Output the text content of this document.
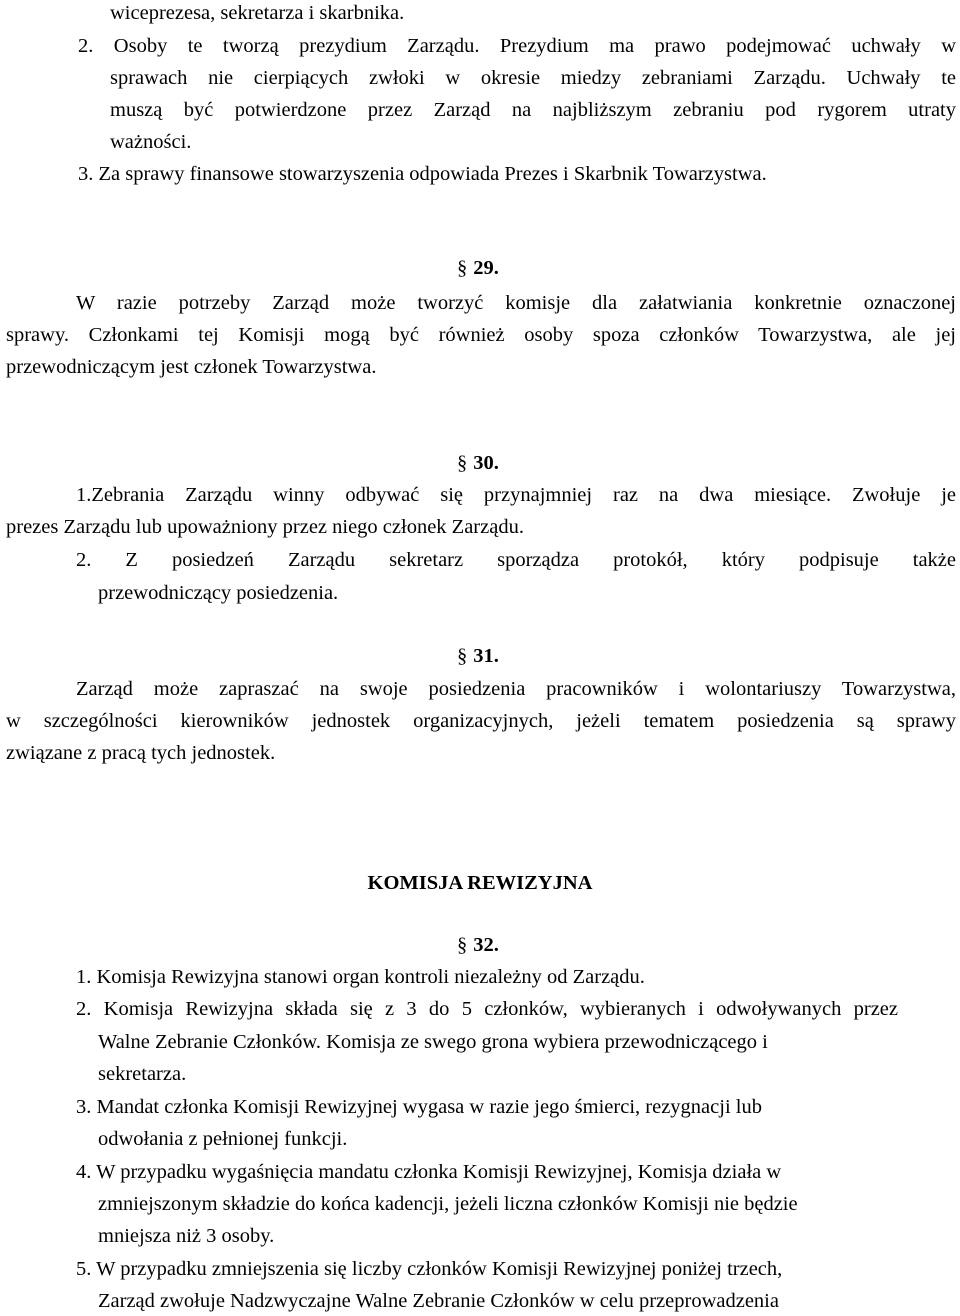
wiceprezesa, sekretarza i skarbnika.
2. Osoby te tworzą prezydium Zarządu. Prezydium ma prawo podejmować uchwały w
sprawach nie cierpiących zwłoki w okresie miedzy zebraniami Zarządu. Uchwały te
muszą być potwierdzone przez Zarząd na najbliższym zebraniu pod rygorem utraty
ważności.
3. Za sprawy finansowe stowarzyszenia odpowiada Prezes i Skarbnik Towarzystwa.
§ 29.
W razie potrzeby Zarząd może tworzyć komisje dla załatwiania konkretnie oznaczonej
sprawy. Członkami tej Komisji mogą być również osoby spoza członków Towarzystwa, ale jej
przewodniczącym jest członek Towarzystwa.
§ 30.
1.Zebrania Zarządu winny odbywać się przynajmniej raz na dwa miesiące. Zwołuje je
prezes Zarządu lub upoważniony przez niego członek Zarządu.
2. Z posiedzeń Zarządu sekretarz sporządza protokół, który podpisuje także
przewodniczący posiedzenia.
§ 31.
Zarząd może zapraszać na swoje posiedzenia pracowników i wolontariuszy Towarzystwa,
w szczególności kierowników jednostek organizacyjnych, jeżeli tematem posiedzenia są sprawy
związane z pracą tych jednostek.
KOMISJA REWIZYJNA
§ 32.
1. Komisja Rewizyjna stanowi organ kontroli niezależny od Zarządu.
2. Komisja Rewizyjna składa się z 3 do 5 członków, wybieranych i odwoływanych przez
Walne Zebranie Członków. Komisja ze swego grona wybiera przewodniczącego i
sekretarza.
3. Mandat członka Komisji Rewizyjnej wygasa w razie jego śmierci, rezygnacji lub
odwołania z pełnionej funkcji.
4. W przypadku wygaśnięcia mandatu członka Komisji Rewizyjnej, Komisja działa w
zmniejszonym składzie do końca kadencji, jeżeli liczna członków Komisji nie będzie
mniejsza niż 3 osoby.
5. W przypadku zmniejszenia się liczby członków Komisji Rewizyjnej poniżej trzech,
Zarząd zwołuje Nadzwyczajne Walne Zebranie Członków w celu przeprowadzenia
